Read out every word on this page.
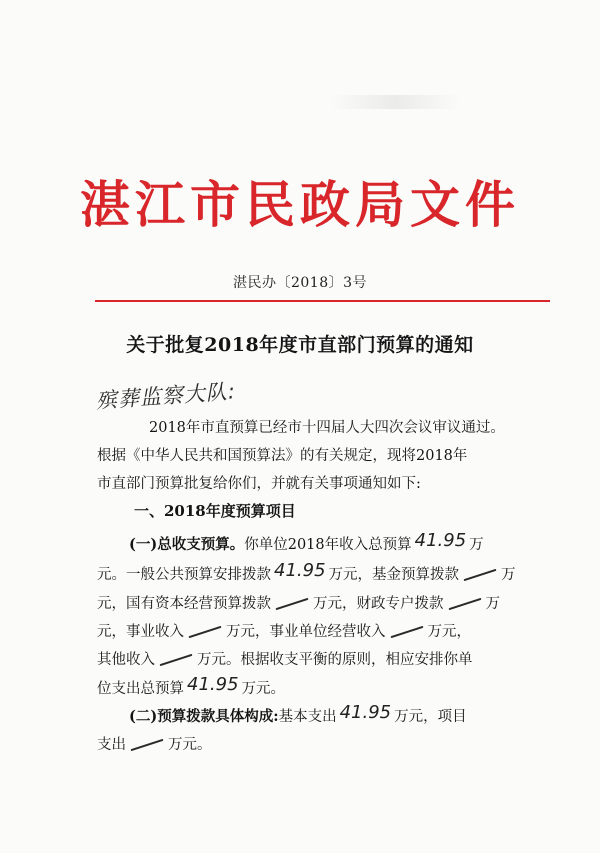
湛江市民政局文件
湛民办〔2018〕3号
关于批复2018年度市直部门预算的通知
殡葬监察大队:
2018年市直预算已经市十四届人大四次会议审议通过。
根据《中华人民共和国预算法》的有关规定，现将2018年
市直部门预算批复给你们，并就有关事项通知如下:
一、2018年度预算项目
(一)总收支预算。你单位2018年收入总预算 41.95 万
元。一般公共预算安排拨款 41.95 万元，基金预算拨款	万
元，国有资本经营预算拨款	万元，财政专户拨款	万
元，事业收入	万元，事业单位经营收入	万元，
其他收入	万元。根据收支平衡的原则，相应安排你单
位支出总预算 41.95 万元。
(二)预算拨款具体构成:基本支出 41.95 万元，项目
支出	万元。
